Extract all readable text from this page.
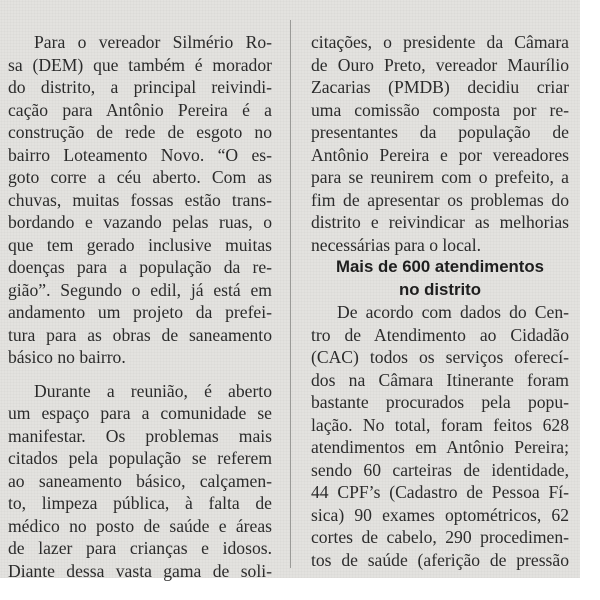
Para o vereador Silmério Ro-
sa (DEM) que também é morador
do distrito, a principal reivindi-
cação para Antônio Pereira é a
construção de rede de esgoto no
bairro Loteamento Novo. “O es-
goto corre a céu aberto. Com as
chuvas, muitas fossas estão trans-
bordando e vazando pelas ruas, o
que tem gerado inclusive muitas
doenças para a população da re-
gião”. Segundo o edil, já está em
andamento um projeto da prefei-
tura para as obras de saneamento
básico no bairro.
Durante a reunião, é aberto
um espaço para a comunidade se
manifestar. Os problemas mais
citados pela população se referem
ao saneamento básico, calçamen-
to, limpeza pública, à falta de
médico no posto de saúde e áreas
de lazer para crianças e idosos.
Diante dessa vasta gama de soli-
citações, o presidente da Câmara
de Ouro Preto, vereador Maurílio
Zacarias (PMDB) decidiu criar
uma comissão composta por re-
presentantes da população de
Antônio Pereira e por vereadores
para se reunirem com o prefeito, a
fim de apresentar os problemas do
distrito e reivindicar as melhorias
necessárias para o local.
Mais de 600 atendimentos
no distrito
De acordo com dados do Cen-
tro de Atendimento ao Cidadão
(CAC) todos os serviços oferecí-
dos na Câmara Itinerante foram
bastante procurados pela popu-
lação. No total, foram feitos 628
atendimentos em Antônio Pereira;
sendo 60 carteiras de identidade,
44 CPF’s (Cadastro de Pessoa Fí-
sica) 90 exames optométricos, 62
cortes de cabelo, 290 procedimen-
tos de saúde (aferição de pressão
